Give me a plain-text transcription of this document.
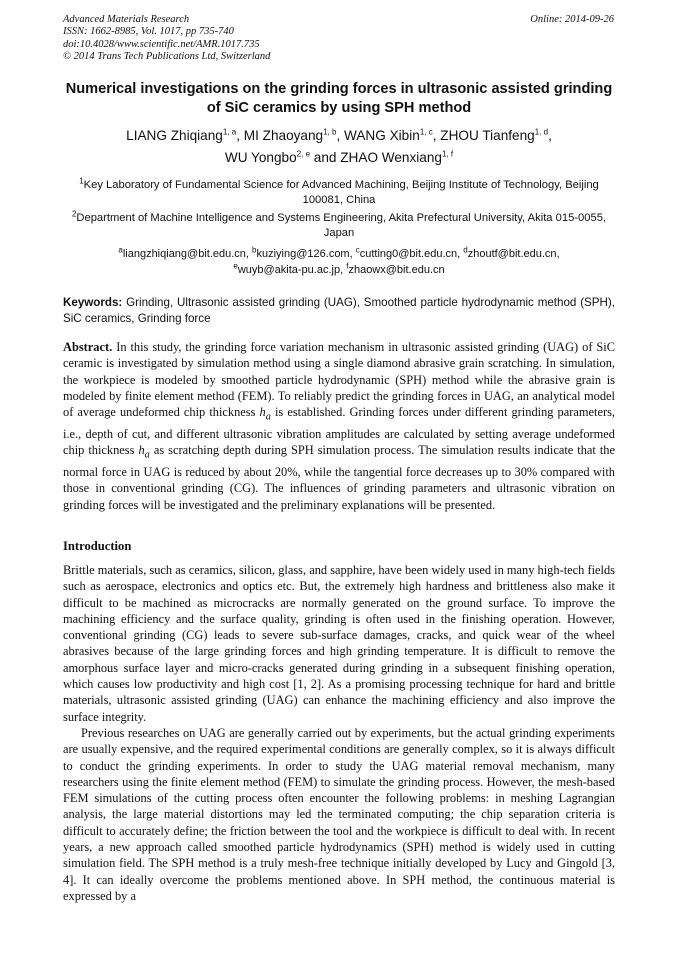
Advanced Materials Research
ISSN: 1662-8985, Vol. 1017, pp 735-740
doi:10.4028/www.scientific.net/AMR.1017.735
© 2014 Trans Tech Publications Ltd, Switzerland
Online: 2014-09-26
Numerical investigations on the grinding forces in ultrasonic assisted grinding of SiC ceramics by using SPH method
LIANG Zhiqiang$^{1, a}$, MI Zhaoyang$^{1, b}$, WANG Xibin$^{1, c}$, ZHOU Tianfeng$^{1, d}$,
WU Yongbo$^{2, e}$ and ZHAO Wenxiang$^{1, f}$
$^1$Key Laboratory of Fundamental Science for Advanced Machining, Beijing Institute of Technology, Beijing 100081, China
$^2$Department of Machine Intelligence and Systems Engineering, Akita Prefectural University, Akita 015-0055, Japan
$^a$liangzhiqiang@bit.edu.cn, $^b$kuziying@126.com, $^c$cutting0@bit.edu.cn, $^d$zhoutf@bit.edu.cn,
$^e$wuyb@akita-pu.ac.jp, $^f$zhaowx@bit.edu.cn
Keywords: Grinding, Ultrasonic assisted grinding (UAG), Smoothed particle hydrodynamic method (SPH), SiC ceramics, Grinding force
Abstract. In this study, the grinding force variation mechanism in ultrasonic assisted grinding (UAG) of SiC ceramic is investigated by simulation method using a single diamond abrasive grain scratching. In simulation, the workpiece is modeled by smoothed particle hydrodynamic (SPH) method while the abrasive grain is modeled by finite element method (FEM). To reliably predict the grinding forces in UAG, an analytical model of average undeformed chip thickness $h_a$ is established. Grinding forces under different grinding parameters, i.e., depth of cut, and different ultrasonic vibration amplitudes are calculated by setting average undeformed chip thickness $h_a$ as scratching depth during SPH simulation process. The simulation results indicate that the normal force in UAG is reduced by about 20%, while the tangential force decreases up to 30% compared with those in conventional grinding (CG). The influences of grinding parameters and ultrasonic vibration on grinding forces will be investigated and the preliminary explanations will be presented.
Introduction
Brittle materials, such as ceramics, silicon, glass, and sapphire, have been widely used in many high-tech fields such as aerospace, electronics and optics etc. But, the extremely high hardness and brittleness also make it difficult to be machined as microcracks are normally generated on the ground surface. To improve the machining efficiency and the surface quality, grinding is often used in the finishing operation. However, conventional grinding (CG) leads to severe sub-surface damages, cracks, and quick wear of the wheel abrasives because of the large grinding forces and high grinding temperature. It is difficult to remove the amorphous surface layer and micro-cracks generated during grinding in a subsequent finishing operation, which causes low productivity and high cost [1, 2]. As a promising processing technique for hard and brittle materials, ultrasonic assisted grinding (UAG) can enhance the machining efficiency and also improve the surface integrity.
Previous researches on UAG are generally carried out by experiments, but the actual grinding experiments are usually expensive, and the required experimental conditions are generally complex, so it is always difficult to conduct the grinding experiments. In order to study the UAG material removal mechanism, many researchers using the finite element method (FEM) to simulate the grinding process. However, the mesh-based FEM simulations of the cutting process often encounter the following problems: in meshing Lagrangian analysis, the large material distortions may led the terminated computing; the chip separation criteria is difficult to accurately define; the friction between the tool and the workpiece is difficult to deal with. In recent years, a new approach called smoothed particle hydrodynamics (SPH) method is widely used in cutting simulation field. The SPH method is a truly mesh-free technique initially developed by Lucy and Gingold [3, 4]. It can ideally overcome the problems mentioned above. In SPH method, the continuous material is expressed by a
